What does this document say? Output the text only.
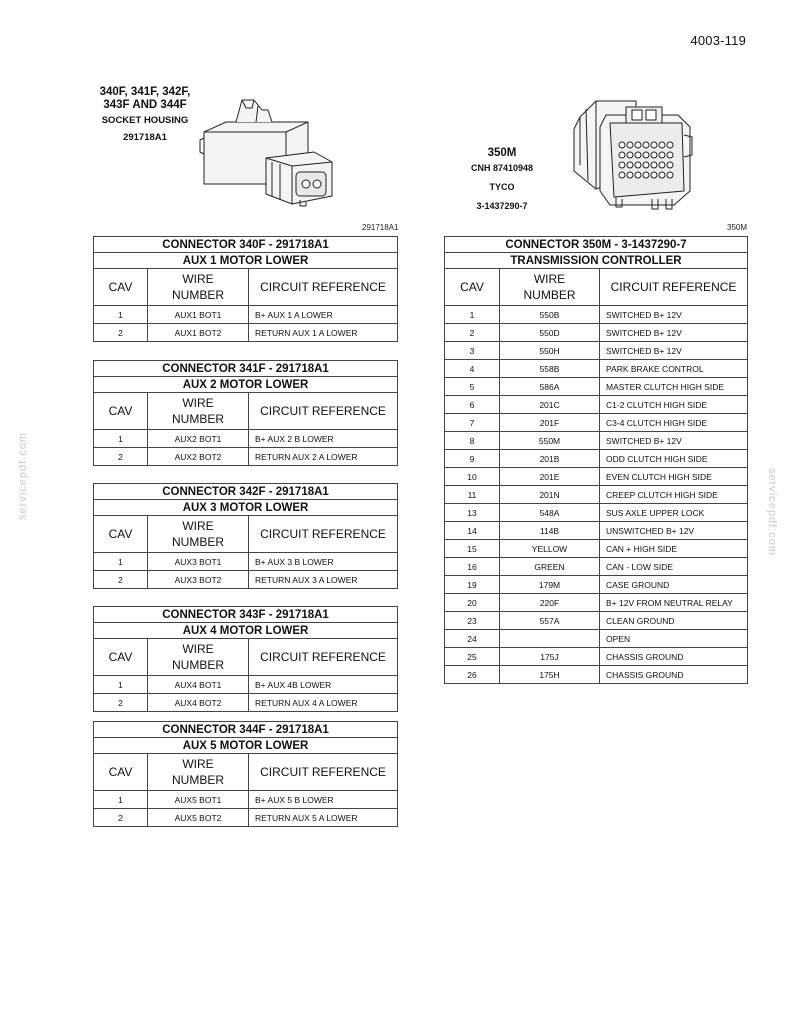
4003-119
340F, 341F, 342F,
343F AND 344F
SOCKET HOUSING
291718A1
291718A1
350M
CNH 87410948
TYCO
3-1437290-7
350M
servicepdf.com	servicepdf.com
CONNECTOR 340F - 291718A1		
AUX 1 MOTOR LOWER		
CAV	WIRE
NUMBER	CIRCUIT REFERENCE
1	AUX1 BOT1	B+ AUX 1 A LOWER
2	AUX1 BOT2	RETURN AUX 1 A LOWER
CONNECTOR 341F - 291718A1		
AUX 2 MOTOR LOWER		
CAV	WIRE
NUMBER	CIRCUIT REFERENCE
1	AUX2 BOT1	B+ AUX 2 B LOWER
2	AUX2 BOT2	RETURN AUX 2 A LOWER
CONNECTOR 342F - 291718A1		
AUX 3 MOTOR LOWER		
CAV	WIRE
NUMBER	CIRCUIT REFERENCE
1	AUX3 BOT1	B+ AUX 3 B LOWER
2	AUX3 BOT2	RETURN AUX 3 A LOWER
CONNECTOR 343F - 291718A1		
AUX 4 MOTOR LOWER		
CAV	WIRE
NUMBER	CIRCUIT REFERENCE
1	AUX4 BOT1	B+ AUX 4B LOWER
2	AUX4 BOT2	RETURN AUX 4 A LOWER
CONNECTOR 344F - 291718A1		
AUX 5 MOTOR LOWER		
CAV	WIRE
NUMBER	CIRCUIT REFERENCE
1	AUX5 BOT1	B+ AUX 5 B LOWER
2	AUX5 BOT2	RETURN AUX 5 A LOWER
CONNECTOR 350M - 3-1437290-7		
TRANSMISSION CONTROLLER		
CAV	WIRE
NUMBER	CIRCUIT REFERENCE
1	550B	SWITCHED B+ 12V
2	550D	SWITCHED B+ 12V
3	550H	SWITCHED B+ 12V
4	558B	PARK BRAKE CONTROL
5	586A	MASTER CLUTCH HIGH SIDE
6	201C	C1-2 CLUTCH HIGH SIDE
7	201F	C3-4 CLUTCH HIGH SIDE
8	550M	SWITCHED B+ 12V
9	201B	ODD CLUTCH HIGH SIDE
10	201E	EVEN CLUTCH HIGH SIDE
11	201N	CREEP CLUTCH HIGH SIDE
13	548A	SUS AXLE UPPER LOCK
14	114B	UNSWITCHED B+ 12V
15	YELLOW	CAN + HIGH SIDE
16	GREEN	CAN - LOW SIDE
19	179M	CASE GROUND
20	220F	B+ 12V FROM NEUTRAL RELAY
23	557A	CLEAN GROUND
24		OPEN
25	175J	CHASSIS GROUND
26	175H	CHASSIS GROUND
